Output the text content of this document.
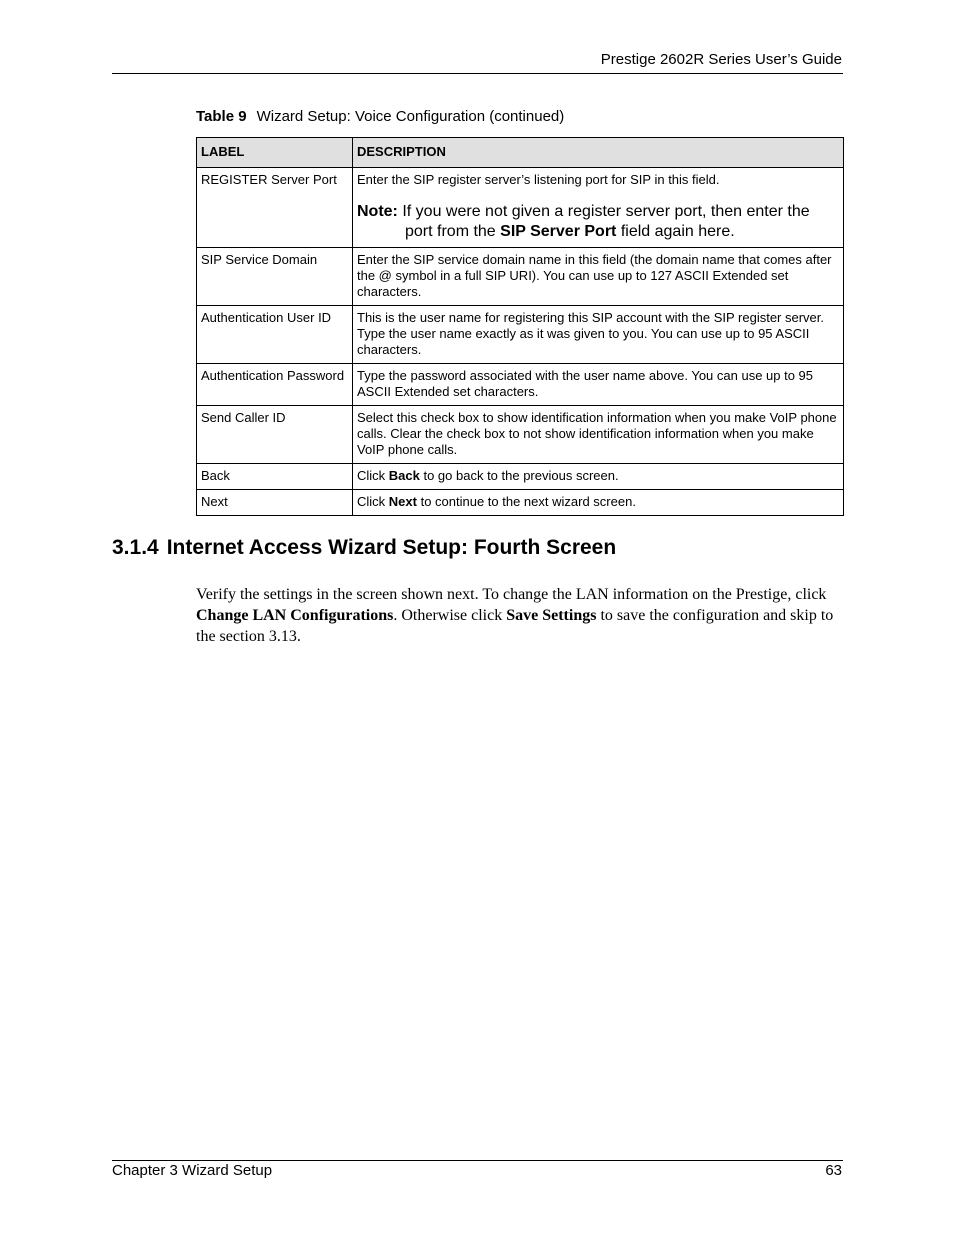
Prestige 2602R Series User’s Guide
Table 9 Wizard Setup: Voice Configuration (continued)
LABEL	DESCRIPTION
REGISTER Server Port	Enter the SIP register server’s listening port for SIP in this field.
Note: If you were not given a register server port, then enter the port from the SIP Server Port field again here.

SIP Service Domain	Enter the SIP service domain name in this field (the domain name that comes after the @ symbol in a full SIP URI). You can use up to 127 ASCII Extended set characters.
Authentication User ID	This is the user name for registering this SIP account with the SIP register server. Type the user name exactly as it was given to you. You can use up to 95 ASCII characters.
Authentication Password	Type the password associated with the user name above. You can use up to 95 ASCII Extended set characters.
Send Caller ID	Select this check box to show identification information when you make VoIP phone calls. Clear the check box to not show identification information when you make VoIP phone calls.
Back	Click Back to go back to the previous screen.
Next	Click Next to continue to the next wizard screen.
3.1.4 Internet Access Wizard Setup: Fourth Screen

Verify the settings in the screen shown next. To change the LAN information on the Prestige, click Change LAN Configurations. Otherwise click Save Settings to save the configuration and skip to the section 3.13.

Chapter 3 Wizard Setup	63
